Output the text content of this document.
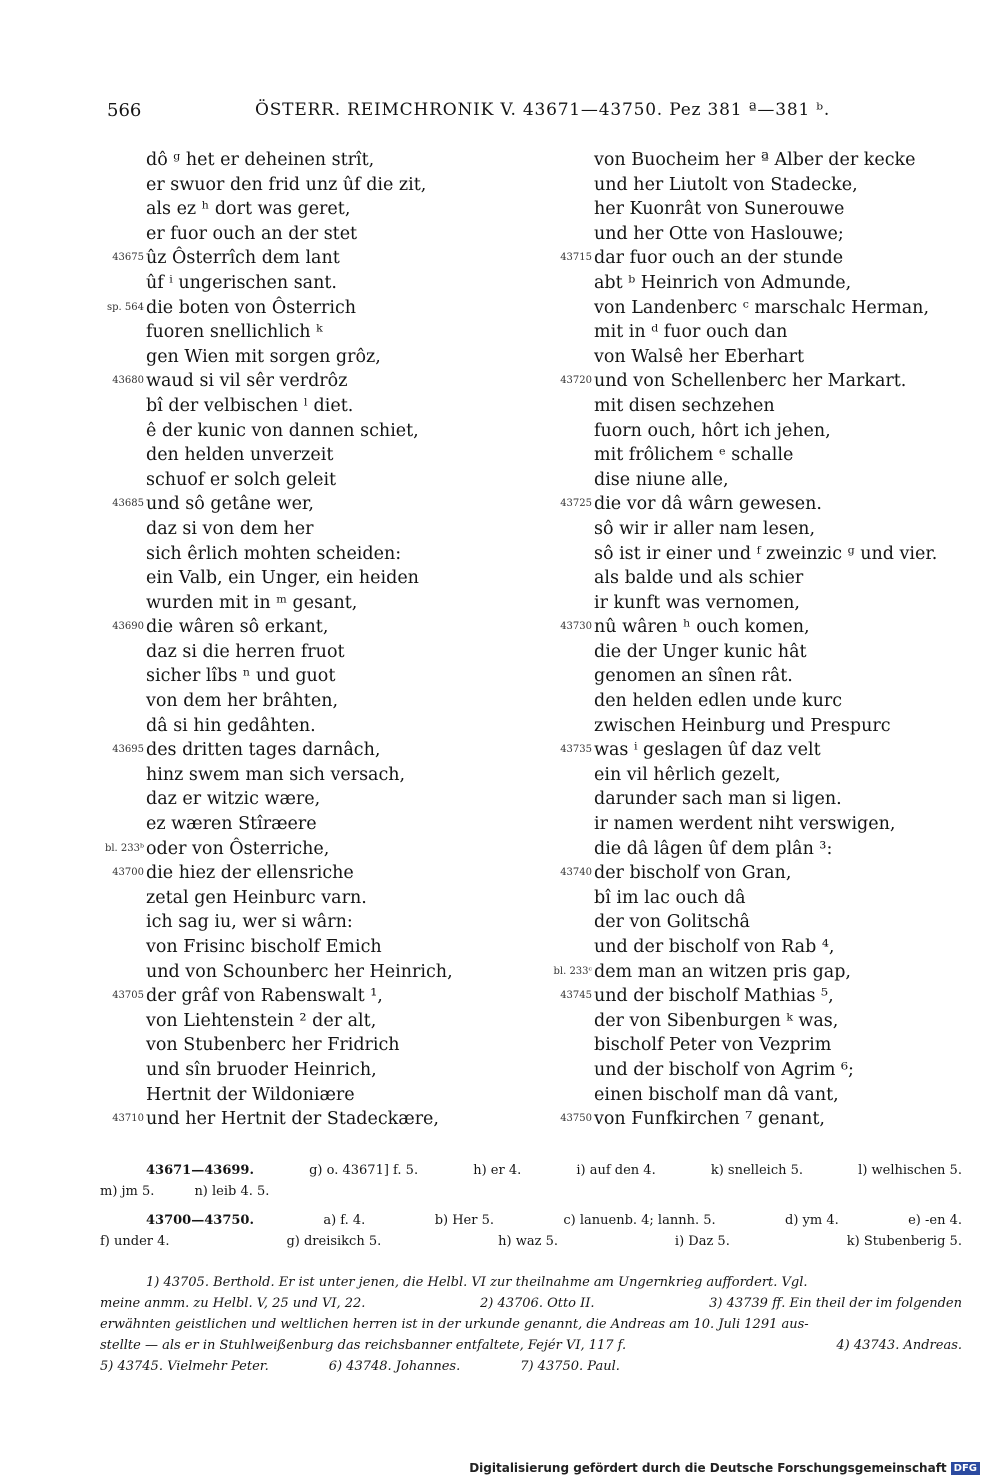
566	ÖSTERR. REIMCHRONIK V. 43671—43750. Pez 381 ª—381 ᵇ.
dô ᵍ het er deheinen strît,
er swuor den frid unz ûf die zit,
als ez ʰ dort was geret,
er fuor ouch an der stet
43675 ûz Ôsterrîch dem lant
ûf ⁱ ungerischen sant.
sp. 564 die boten von Ôsterrich
fuoren snellichlich ᵏ
gen Wien mit sorgen grôz,
43680 waud si vil sêr verdrôz
bî der velbischen ˡ diet.
ê der kunic von dannen schiet,
den helden unverzeit
schuof er solch geleit
43685 und sô getâne wer,
daz si von dem her
sich êrlich mohten scheiden:
ein Valb, ein Unger, ein heiden
wurden mit in ᵐ gesant,
43690 die wâren sô erkant,
daz si die herren fruot
sicher lîbs ⁿ und guot
von dem her brâhten,
dâ si hin gedâhten.
43695 des dritten tages darnâch,
hinz swem man sich versach,
daz er witzic wære,
ez wæren Stîræere
bl. 233ᵇ oder von Ôsterriche,
43700 die hiez der ellensriche
zetal gen Heinburc varn.
ich sag iu, wer si wârn:
von Frisinc bischolf Emich
und von Schounberc her Heinrich,
43705 der grâf von Rabenswalt ¹,
von Liehtenstein ² der alt,
von Stubenberc her Fridrich
und sîn bruoder Heinrich,
Hertnit der Wildoniære
43710 und her Hertnit der Stadeckære,
von Buocheim her ª Alber der kecke
und her Liutolt von Stadecke,
her Kuonrât von Sunerouwe
und her Otte von Haslouwe;
43715 dar fuor ouch an der stunde
abt ᵇ Heinrich von Admunde,
von Landenberc ᶜ marschalc Herman,
mit in ᵈ fuor ouch dan
von Walsê her Eberhart
43720 und von Schellenberc her Markart.
mit disen sechzehen
fuorn ouch, hôrt ich jehen,
mit frôlichem ᵉ schalle
dise niune alle,
43725 die vor dâ wârn gewesen.
sô wir ir aller nam lesen,
sô ist ir einer und ᶠ zweinzic ᵍ und vier.
als balde und als schier
ir kunft was vernomen,
43730 nû wâren ʰ ouch komen,
die der Unger kunic hât
genomen an sînen rât.
den helden edlen unde kurc
zwischen Heinburg und Prespurc
43735 was ⁱ geslagen ûf daz velt
ein vil hêrlich gezelt,
darunder sach man si ligen.
ir namen werdent niht verswigen,
die dâ lâgen ûf dem plân ³:
43740 der bischolf von Gran,
bî im lac ouch dâ
der von Golitschâ
und der bischolf von Rab ⁴,
bl. 233ᶜ dem man an witzen pris gap,
43745 und der bischolf Mathias ⁵,
der von Sibenburgen ᵏ was,
bischolf Peter von Vezprim
und der bischolf von Agrim ⁶;
einen bischolf man dâ vant,
43750 von Funfkirchen ⁷ genant,
43671—43699.	g) o. 43671] f. 5.	h) er 4.	i) auf den 4.	k) snelleich 5.	l) welhischen 5.
m) jm 5.	n) leib 4. 5.
43700—43750.	a) f. 4.	b) Her 5.	c) lanuenb. 4; lannh. 5.	d) ym 4.	e) -en 4.
f) under 4.	g) dreisikch 5.	h) waz 5.	i) Daz 5.	k) Stubenberig 5.
1) 43705. Berthold. Er ist unter jenen, die Helbl. VI zur theilnahme am Ungernkrieg auffordert. Vgl.
meine anmm. zu Helbl. V, 25 und VI, 22.	2) 43706. Otto II.	3) 43739 ff. Ein theil der im folgenden
erwähnten geistlichen und weltlichen herren ist in der urkunde genannt, die Andreas am 10. Juli 1291 aus-
stellte — als er in Stuhlweißenburg das reichsbanner entfaltete, Fejér VI, 117 f.	4) 43743. Andreas.
5) 43745. Vielmehr Peter.	6) 43748. Johannes.	7) 43750. Paul.
Digitalisierung gefördert durch die Deutsche Forschungsgemeinschaft DFG
